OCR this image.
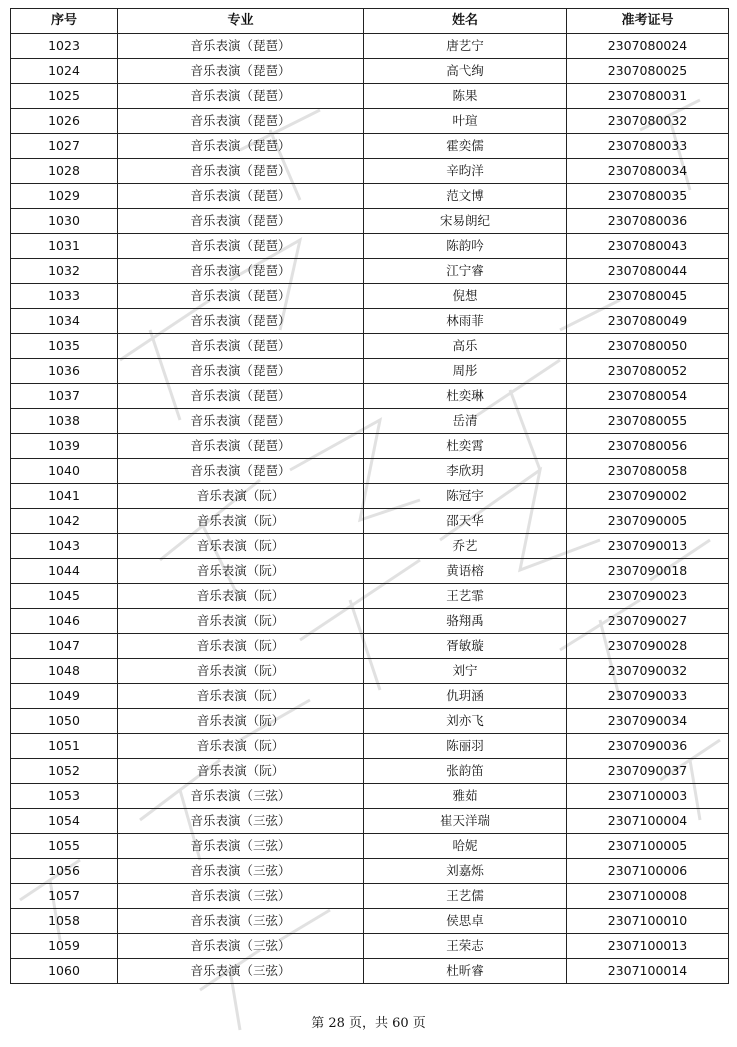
序号	专业	姓名	准考证号
1023	音乐表演（琵琶）	唐艺宁	2307080024
1024	音乐表演（琵琶）	高弋绚	2307080025
1025	音乐表演（琵琶）	陈果	2307080031
1026	音乐表演（琵琶）	叶瑄	2307080032
1027	音乐表演（琵琶）	霍奕儒	2307080033
1028	音乐表演（琵琶）	辛昀洋	2307080034
1029	音乐表演（琵琶）	范文博	2307080035
1030	音乐表演（琵琶）	宋易朗纪	2307080036
1031	音乐表演（琵琶）	陈韵吟	2307080043
1032	音乐表演（琵琶）	江宁睿	2307080044
1033	音乐表演（琵琶）	倪想	2307080045
1034	音乐表演（琵琶）	林雨菲	2307080049
1035	音乐表演（琵琶）	高乐	2307080050
1036	音乐表演（琵琶）	周彤	2307080052
1037	音乐表演（琵琶）	杜奕琳	2307080054
1038	音乐表演（琵琶）	岳清	2307080055
1039	音乐表演（琵琶）	杜奕霄	2307080056
1040	音乐表演（琵琶）	李欣玥	2307080058
1041	音乐表演（阮）	陈冠宇	2307090002
1042	音乐表演（阮）	邵天华	2307090005
1043	音乐表演（阮）	乔艺	2307090013
1044	音乐表演（阮）	黄语榕	2307090018
1045	音乐表演（阮）	王艺霏	2307090023
1046	音乐表演（阮）	骆翔禹	2307090027
1047	音乐表演（阮）	胥敏璇	2307090028
1048	音乐表演（阮）	刘宁	2307090032
1049	音乐表演（阮）	仇玥涵	2307090033
1050	音乐表演（阮）	刘亦飞	2307090034
1051	音乐表演（阮）	陈丽羽	2307090036
1052	音乐表演（阮）	张韵笛	2307090037
1053	音乐表演（三弦）	雅茹	2307100003
1054	音乐表演（三弦）	崔天洋瑞	2307100004
1055	音乐表演（三弦）	哈妮	2307100005
1056	音乐表演（三弦）	刘嘉烁	2307100006
1057	音乐表演（三弦）	王艺儒	2307100008
1058	音乐表演（三弦）	侯思卓	2307100010
1059	音乐表演（三弦）	王荣志	2307100013
1060	音乐表演（三弦）	杜昕睿	2307100014
第 28 页，共 60 页
